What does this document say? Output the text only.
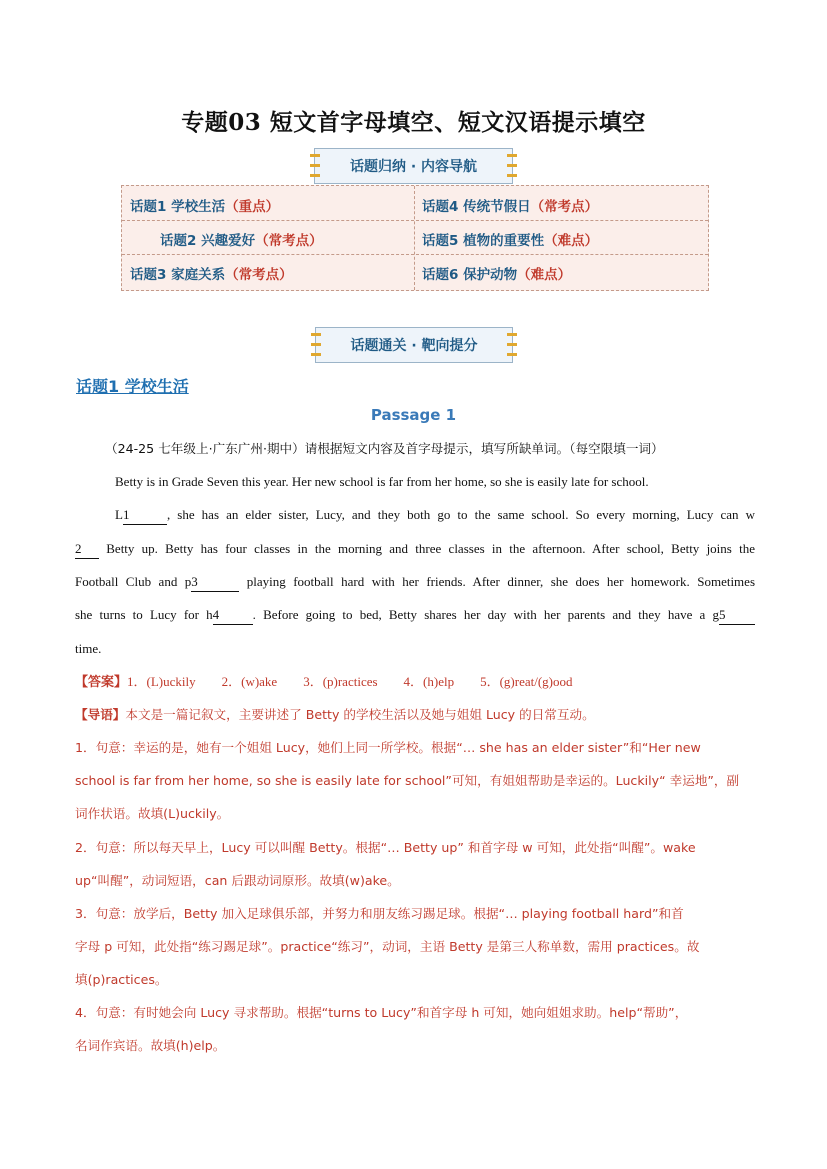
专题03 短文首字母填空、短文汉语提示填空
话题归纳 · 内容导航
话题1 学校生活（重点）	话题4 传统节假日（常考点）
话题2 兴趣爱好（常考点）	话题5 植物的重要性（难点）
话题3 家庭关系（常考点）	话题6 保护动物（难点）
话题通关 · 靶向提分
话题1 学校生活
Passage 1
（24-25 七年级上·广东广州·期中）请根据短文内容及首字母提示，填写所缺单词。（每空限填一词）
Betty is in Grade Seven this year. Her new school is far from her home, so she is easily late for school.
L1	, she has an elder sister, Lucy, and they both go to the same school. So every morning, Lucy can w
2 Betty up. Betty has four classes in the morning and three classes in the afternoon. After school, Betty joins the
Football Club and p3	playing football hard with her friends. After dinner, she does her homework. Sometimes
she turns to Lucy for h4	. Before going to bed, Betty shares her day with her parents and they have a g5
time.
【答案】1．(L)uckily        2．(w)ake        3．(p)ractices        4．(h)elp        5．(g)reat/(g)ood
【导语】本文是一篇记叙文，主要讲述了 Betty 的学校生活以及她与姐姐 Lucy 的日常互动。
1．句意：幸运的是，她有一个姐姐 Lucy，她们上同一所学校。根据“… she has an elder sister”和“Her new
school is far from her home, so she is easily late for school”可知，有姐姐帮助是幸运的。Luckily“ 幸运地”，副
词作状语。故填(L)uckily。
2．句意：所以每天早上，Lucy 可以叫醒 Betty。根据“… Betty up” 和首字母 w 可知，此处指“叫醒”。wake
up“叫醒”，动词短语，can 后跟动词原形。故填(w)ake。
3．句意：放学后，Betty 加入足球俱乐部，并努力和朋友练习踢足球。根据“… playing football hard”和首
字母 p 可知，此处指“练习踢足球”。practice“练习”，动词，主语 Betty 是第三人称单数，需用 practices。故
填(p)ractices。
4．句意：有时她会向 Lucy 寻求帮助。根据“turns to Lucy”和首字母 h 可知，她向姐姐求助。help“帮助”，
名词作宾语。故填(h)elp。
